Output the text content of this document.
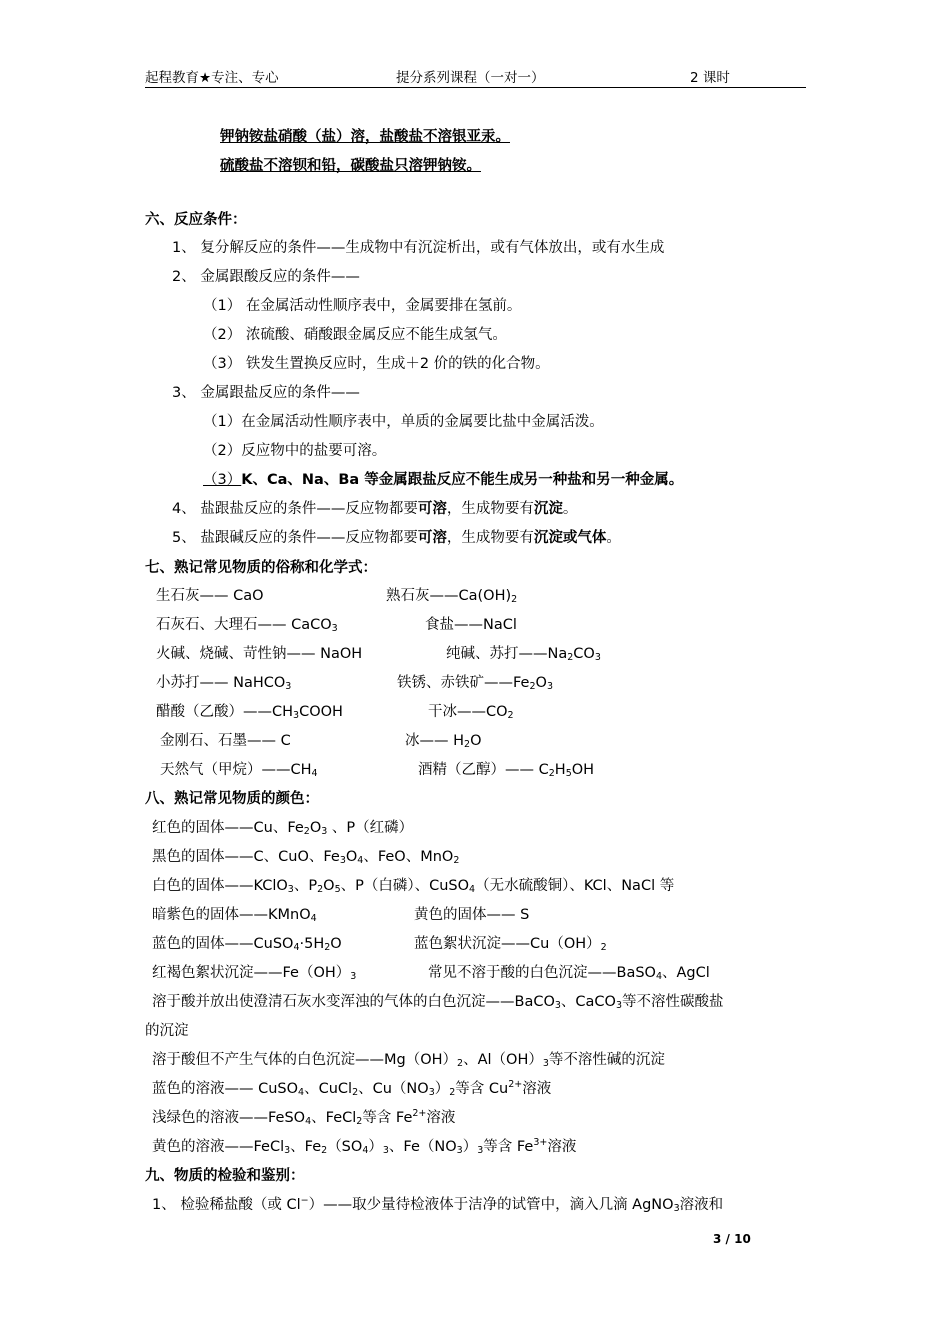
起程教育★专注、专心	提分系列课程（一对一）	2 课时
钾钠铵盐硝酸（盐）溶，盐酸盐不溶银亚汞。
硫酸盐不溶钡和铅，碳酸盐只溶钾钠铵。
六、反应条件：
1、 复分解反应的条件——生成物中有沉淀析出，或有气体放出，或有水生成
2、 金属跟酸反应的条件——
（1） 在金属活动性顺序表中，金属要排在氢前。
（2） 浓硫酸、硝酸跟金属反应不能生成氢气。
（3） 铁发生置换反应时，生成＋2 价的铁的化合物。
3、 金属跟盐反应的条件——
（1）在金属活动性顺序表中，单质的金属要比盐中金属活泼。
（2）反应物中的盐要可溶。
（3）K、Ca、Na、Ba 等金属跟盐反应不能生成另一种盐和另一种金属。
4、 盐跟盐反应的条件——反应物都要可溶，生成物要有沉淀。
5、 盐跟碱反应的条件——反应物都要可溶，生成物要有沉淀或气体。
七、熟记常见物质的俗称和化学式：
生石灰—— CaO	熟石灰$——Ca(OH)_2$
石灰石、大理石—— CaCO$_3$	食盐——NaCl
火碱、烧碱、苛性钠—— NaOH	纯碱、苏打$——Na_2CO_3$
小苏打—— NaHCO$_3$	铁锈、赤铁矿$——Fe_2O_3$
醋酸（乙酸）$——CH_3COOH$	干冰$——CO_2$
金刚石、石墨—— C	冰—— $H_2O$
天然气（甲烷）$——CH_4$	酒精（乙醇）—— $C_2H_5OH$
八、熟记常见物质的颜色：
红色的固体——Cu、$Fe_2O_3$ 、P（红磷）
黑色的固体——C、CuO、$Fe_3O_4$、FeO、MnO$_2$
白色的固体——KClO$_3$、$P_2O_5$、P（白磷）、CuSO$_4$（无水硫酸铜）、KCl、NaCl 等
暗紫色的固体——KMnO$_4$	黄色的固体—— S
蓝色的固体$——CuSO_4\cdot 5H_2O$	蓝色絮状沉淀$——Cu(OH)_2$
红褐色絮状沉淀$——Fe(OH)_3$	常见不溶于酸的白色沉淀——BaSO$_4$、AgCl
溶于酸并放出使澄清石灰水变浑浊的气体的白色沉淀——BaCO$_3$、CaCO$_3$等不溶性碳酸盐
的沉淀
溶于酸但不产生气体的白色沉淀$——Mg(OH)_2$、$Al(OH)_3$等不溶性碱的沉淀
蓝色的溶液—— CuSO$_4$、CuCl$_2$、$Cu(NO_3)_2$等含 $Cu^{2+}$溶液
浅绿色的溶液——FeSO$_4$、FeCl$_2$等含 $Fe^{2+}$溶液
黄色的溶液——FeCl$_3$、$Fe_2(SO_4)_3$、$Fe(NO_3)_3$等含 $Fe^{3+}$溶液
九、物质的检验和鉴别：
1、 检验稀盐酸（或 Cl−）——取少量待检液体于洁净的试管中，滴入几滴 AgNO$_3$溶液和
3 / 10
